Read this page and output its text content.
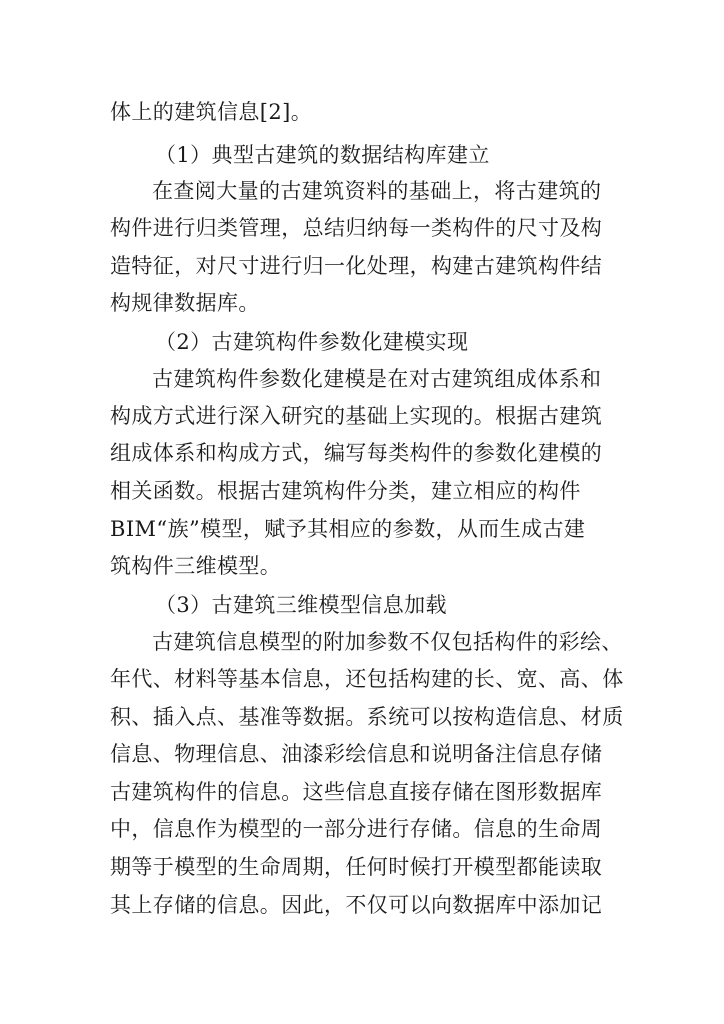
体上的建筑信息[2]。
（1）典型古建筑的数据结构库建立
在查阅大量的古建筑资料的基础上，将古建筑的
构件进行归类管理，总结归纳每一类构件的尺寸及构
造特征，对尺寸进行归一化处理，构建古建筑构件结
构规律数据库。
（2）古建筑构件参数化建模实现
古建筑构件参数化建模是在对古建筑组成体系和
构成方式进行深入研究的基础上实现的。根据古建筑
组成体系和构成方式，编写每类构件的参数化建模的
相关函数。根据古建筑构件分类，建立相应的构件
BIM“族”模型，赋予其相应的参数，从而生成古建
筑构件三维模型。
（3）古建筑三维模型信息加载
古建筑信息模型的附加参数不仅包括构件的彩绘、
年代、材料等基本信息，还包括构建的长、宽、高、体
积、插入点、基准等数据。系统可以按构造信息、材质
信息、物理信息、油漆彩绘信息和说明备注信息存储
古建筑构件的信息。这些信息直接存储在图形数据库
中，信息作为模型的一部分进行存储。信息的生命周
期等于模型的生命周期，任何时候打开模型都能读取
其上存储的信息。因此，不仅可以向数据库中添加记
